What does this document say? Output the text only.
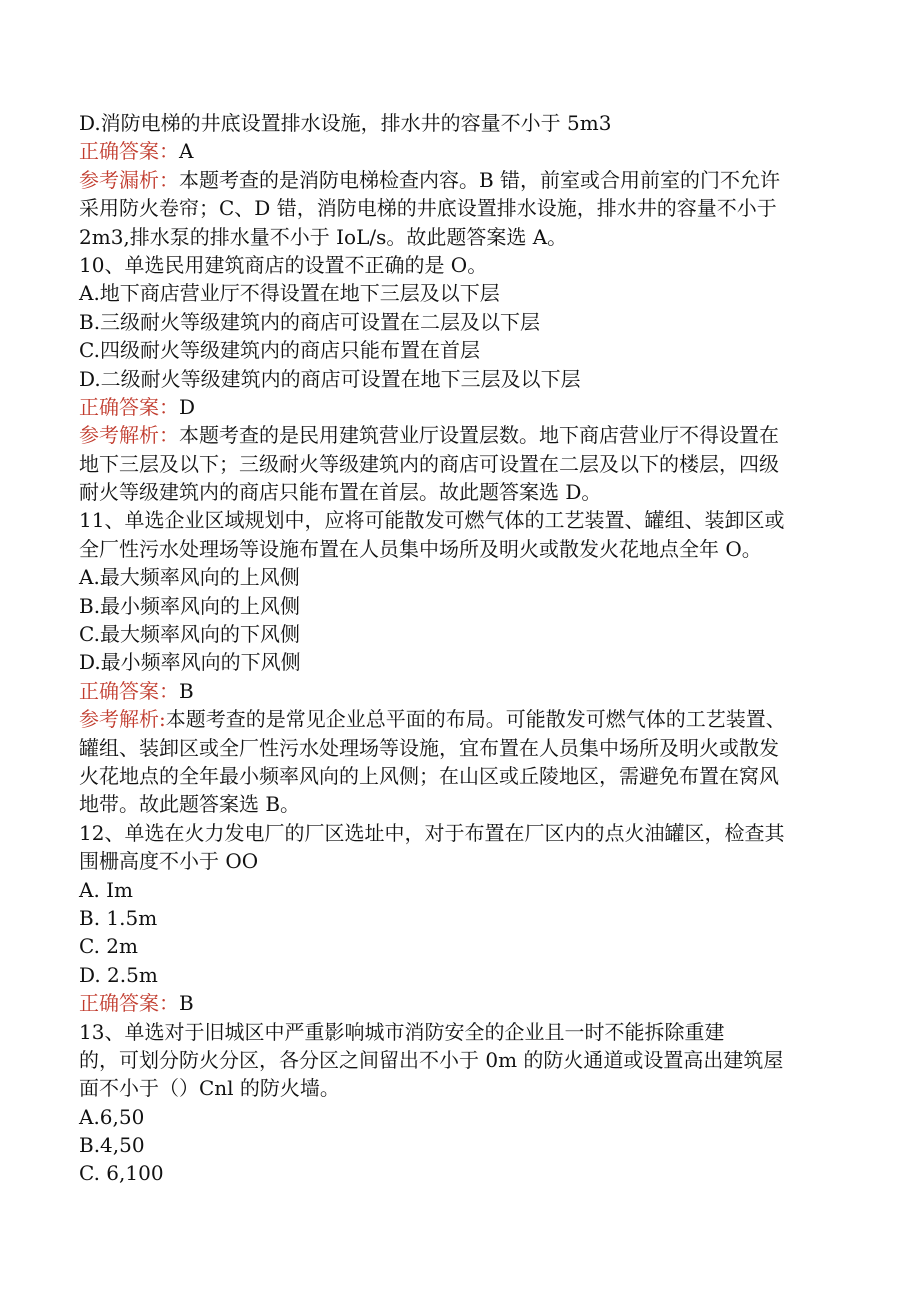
D.消防电梯的井底设置排水设施，排水井的容量不小于 5m3
正确答案：A
参考漏析：本题考查的是消防电梯检查内容。B 错，前室或合用前室的门不允许
采用防火卷帘；C、D 错，消防电梯的井底设置排水设施，排水井的容量不小于
2m3,排水泵的排水量不小于 IoL/s。故此题答案选 A。
10、单选民用建筑商店的设置不正确的是 O。
A.地下商店营业厅不得设置在地下三层及以下层
B.三级耐火等级建筑内的商店可设置在二层及以下层
C.四级耐火等级建筑内的商店只能布置在首层
D.二级耐火等级建筑内的商店可设置在地下三层及以下层
正确答案：D
参考解析：本题考查的是民用建筑营业厅设置层数。地下商店营业厅不得设置在
地下三层及以下；三级耐火等级建筑内的商店可设置在二层及以下的楼层，四级
耐火等级建筑内的商店只能布置在首层。故此题答案选 D。
11、单选企业区域规划中，应将可能散发可燃气体的工艺装置、罐组、装卸区或
全厂性污水处理场等设施布置在人员集中场所及明火或散发火花地点全年 O。
A.最大频率风向的上风侧
B.最小频率风向的上风侧
C.最大频率风向的下风侧
D.最小频率风向的下风侧
正确答案：B
参考解析:本题考查的是常见企业总平面的布局。可能散发可燃气体的工艺装置、
罐组、装卸区或全厂性污水处理场等设施，宜布置在人员集中场所及明火或散发
火花地点的全年最小频率风向的上风侧；在山区或丘陵地区，需避免布置在窝风
地带。故此题答案选 B。
12、单选在火力发电厂的厂区选址中，对于布置在厂区内的点火油罐区，检查其
围栅高度不小于 OO
A. Im
B. 1.5m
C. 2m
D. 2.5m
正确答案：B
13、单选对于旧城区中严重影响城市消防安全的企业且一时不能拆除重建
的，可划分防火分区，各分区之间留出不小于 0m 的防火通道或设置高出建筑屋
面不小于（）Cnl 的防火墙。
A.6,50
B.4,50
C. 6,100
